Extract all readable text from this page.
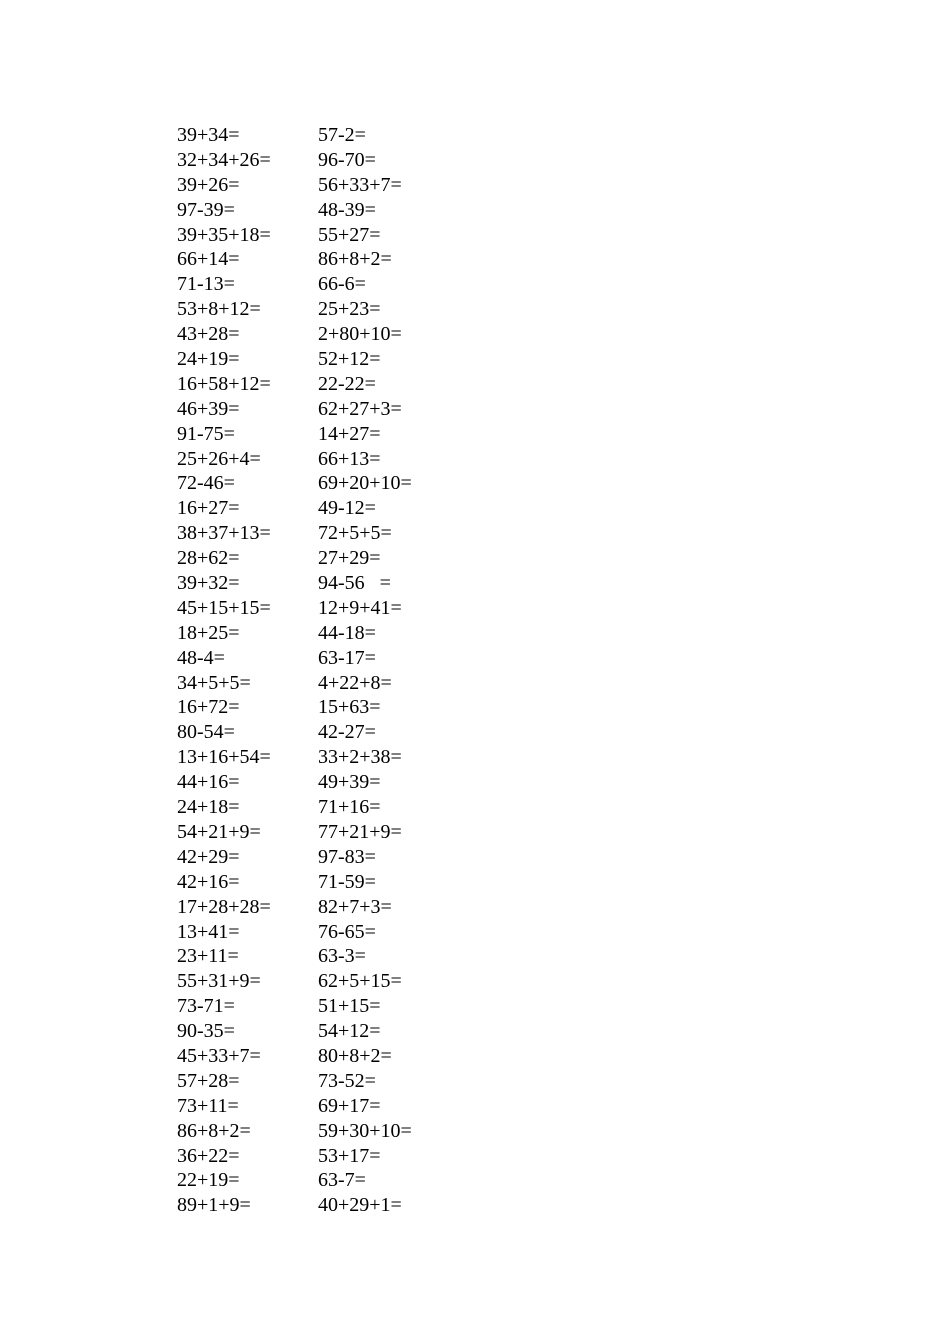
39+34=	57-2=
32+34+26=	96-70=
39+26=	56+33+7=
97-39=	48-39=
39+35+18=	55+27=
66+14=	86+8+2=
71-13=	66-6=
53+8+12=	25+23=
43+28=	2+80+10=
24+19=	52+12=
16+58+12=	22-22=
46+39=	62+27+3=
91-75=	14+27=
25+26+4=	66+13=
72-46=	69+20+10=
16+27=	49-12=
38+37+13=	72+5+5=
28+62=	27+29=
39+32=	94-56   =
45+15+15=	12+9+41=
18+25=	44-18=
48-4=	63-17=
34+5+5=	4+22+8=
16+72=	15+63=
80-54=	42-27=
13+16+54=	33+2+38=
44+16=	49+39=
24+18=	71+16=
54+21+9=	77+21+9=
42+29=	97-83=
42+16=	71-59=
17+28+28=	82+7+3=
13+41=	76-65=
23+11=	63-3=
55+31+9=	62+5+15=
73-71=	51+15=
90-35=	54+12=
45+33+7=	80+8+2=
57+28=	73-52=
73+11=	69+17=
86+8+2=	59+30+10=
36+22=	53+17=
22+19=	63-7=
89+1+9=	40+29+1=
